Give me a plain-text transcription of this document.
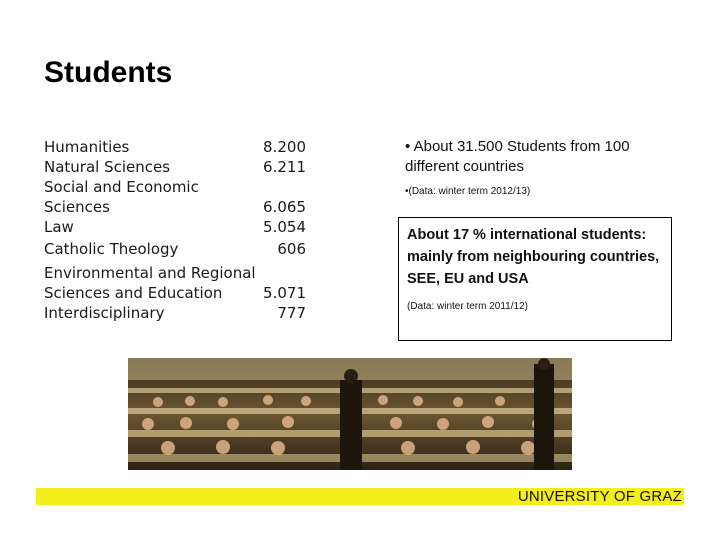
Students
Humanities	8.200
Natural Sciences	6.211
Social and Economic Sciences	6.065
Law	5.054
Catholic Theology	606
Environmental and Regional Sciences and Education	5.071
Interdisciplinary	777
• About 31.500 Students from 100 different countries
•(Data: winter term 2012/13)
About 17 % international students: mainly from neighbouring countries, SEE, EU and USA
(Data: winter term 2011/12)
UNIVERSITY OF GRAZ
